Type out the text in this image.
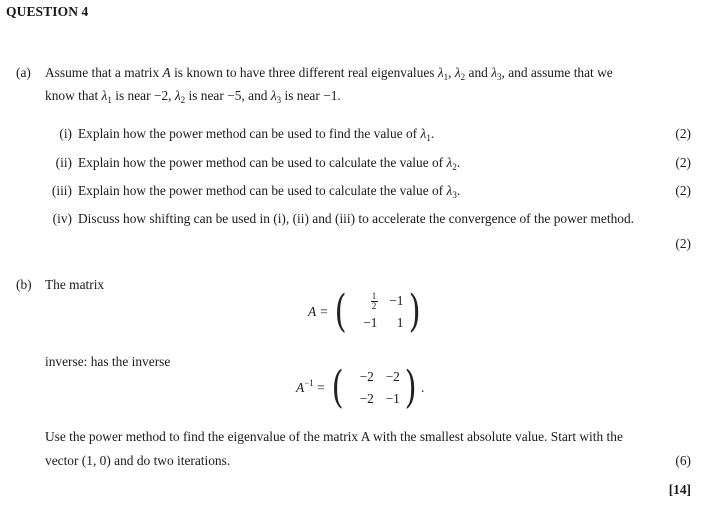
QUESTION 4
(a) Assume that a matrix A is known to have three different real eigenvalues $\lambda_1$, $\lambda_2$ and $\lambda_3$, and assume that we
know that $\lambda_1$ is near −2, $\lambda_2$ is near −5, and $\lambda_3$ is near −1.
(i) Explain how the power method can be used to find the value of $\lambda_1$.	(2)
(ii) Explain how the power method can be used to calculate the value of $\lambda_2$.	(2)
(iii) Explain how the power method can be used to calculate the value of $\lambda_3$.	(2)
(iv) Discuss how shifting can be used in (i), (ii) and (iii) to accelerate the convergence of the power method.
(2)
(b) The matrix
A = (	$\frac{1}{2} -1$
−1 1 )
inverse: has the inverse
$A^{-1}$ = ( −2 −2
−2 −1 ) .
Use the power method to find the eigenvalue of the matrix A with the smallest absolute value. Start with the
vector (1, 0) and do two iterations.	(6)
[14]
